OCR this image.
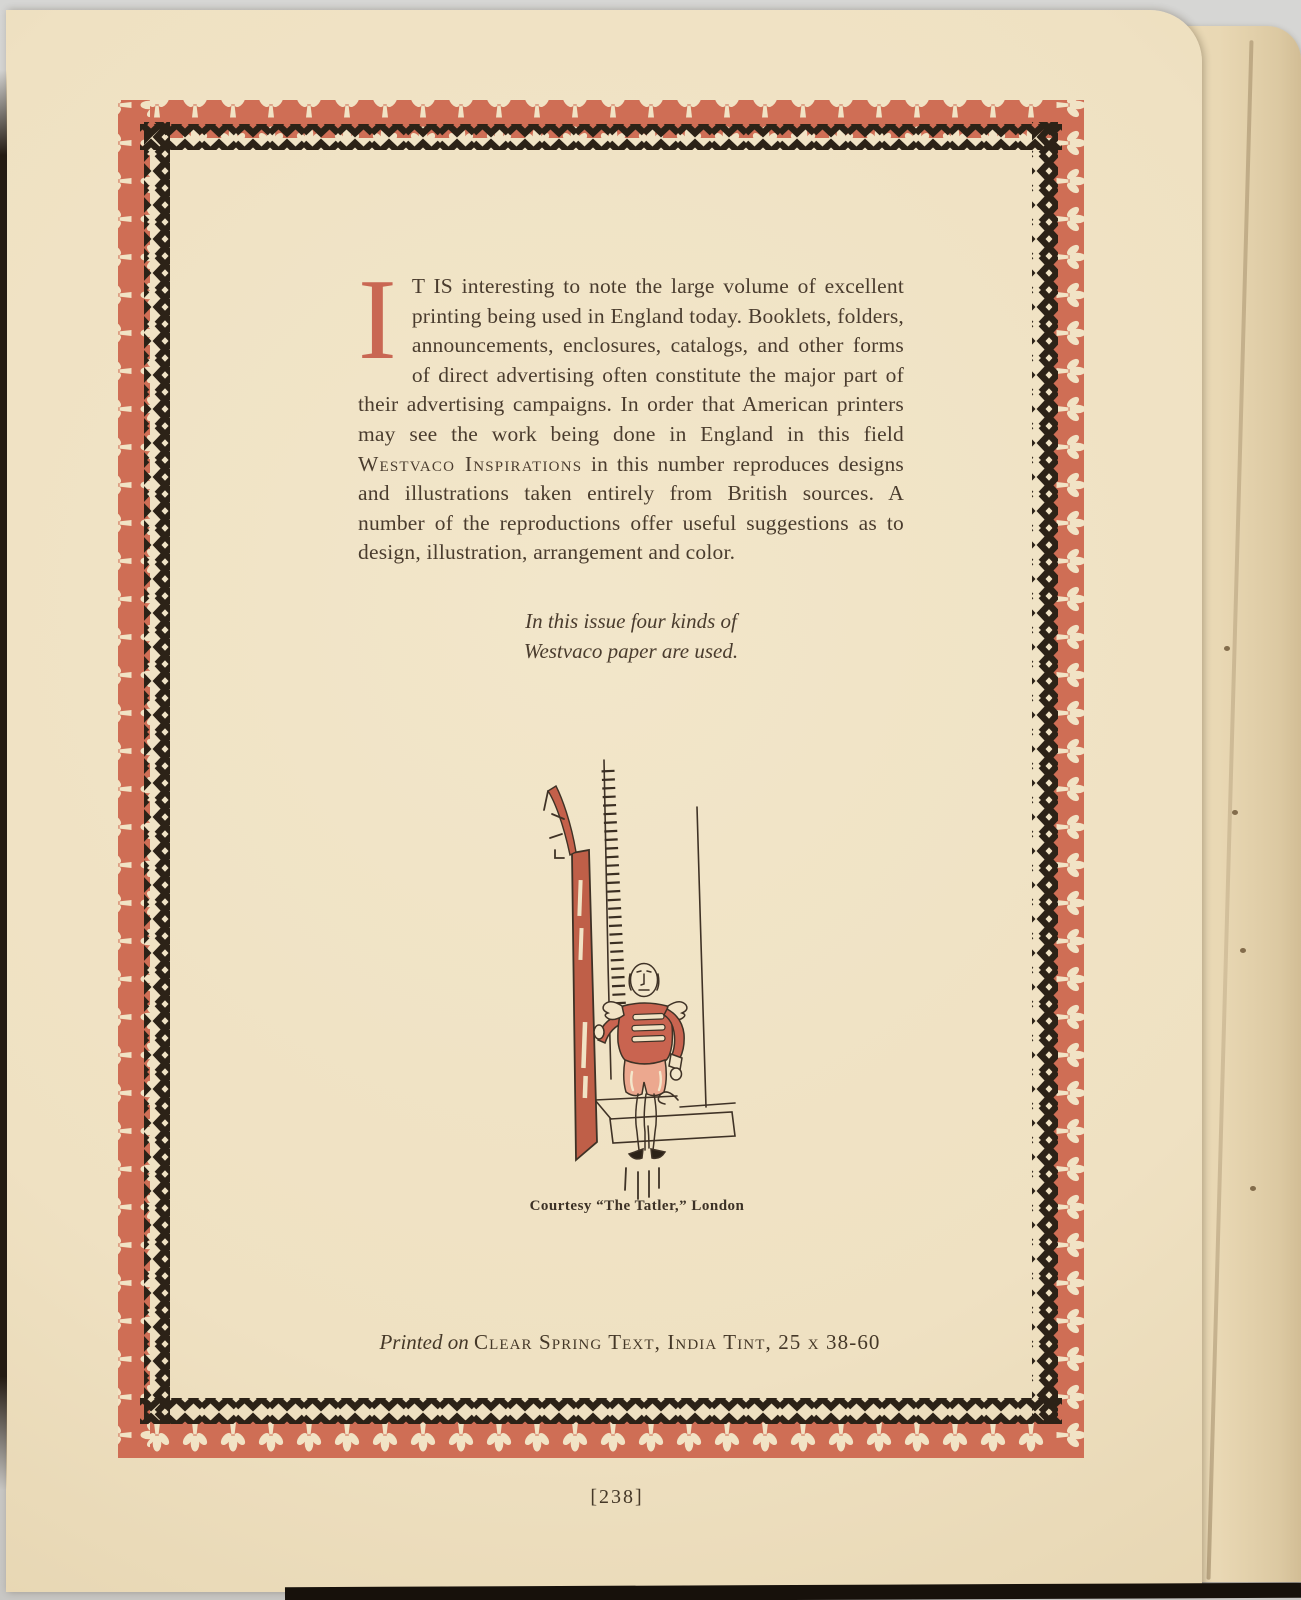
I T IS interesting to note the large volume of excellent printing being used in England today. Booklets, folders, announcements, enclosures, catalogs, and other forms of direct advertising often constitute the major part of their advertising campaigns. In order that American printers may see the work being done in England in this field Westvaco Inspirations in this number reproduces designs and illustrations taken entirely from British sources. A number of the reproductions offer useful suggestions as to design, illustration, arrangement and color.
In this issue four kinds of
Westvaco paper are used.
Courtesy “The Tatler,” London
Printed on Clear Spring Text, India Tint, 25 x 38-60
[238]
